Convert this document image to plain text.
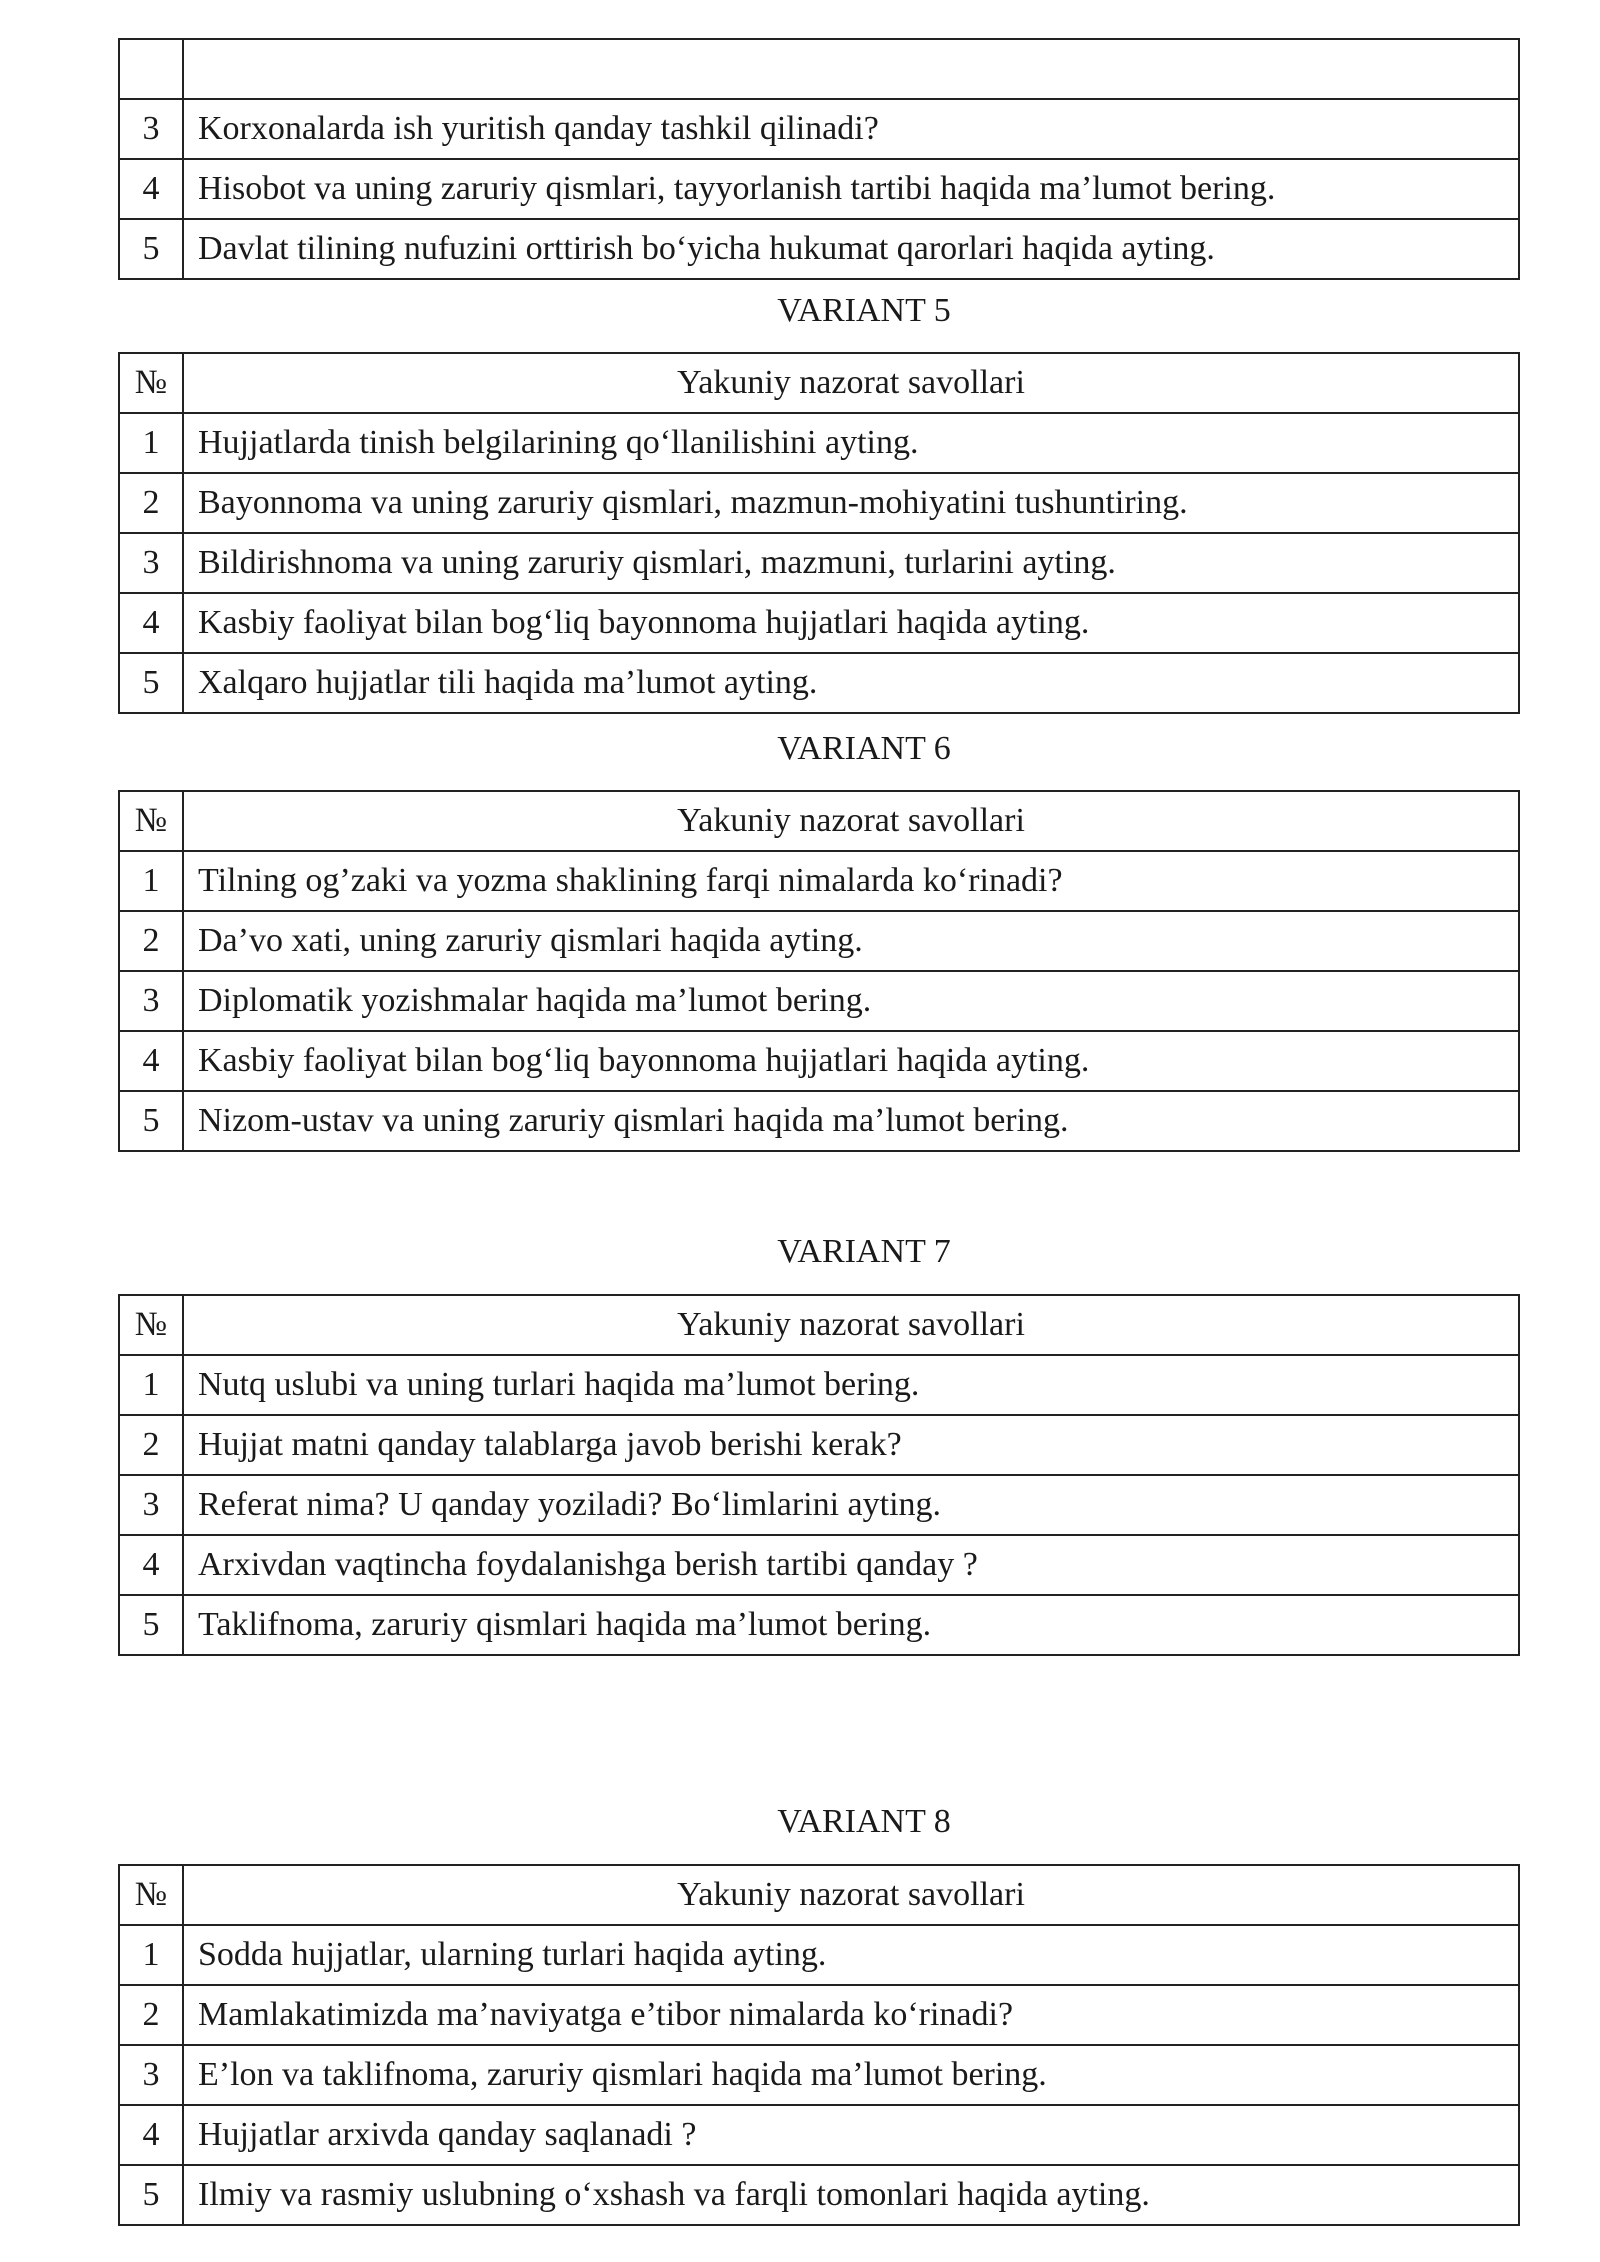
3	Korxonalarda ish yuritish qanday tashkil qilinadi?
4	Hisobot va uning zaruriy qismlari, tayyorlanish tartibi haqida ma’lumot bering.
5	Davlat tilining nufuzini orttirish bo‘yicha hukumat qarorlari haqida ayting.
VARIANT 5
№	Yakuniy nazorat savollari
1	Hujjatlarda tinish belgilarining qo‘llanilishini ayting.
2	Bayonnoma va uning zaruriy qismlari, mazmun-mohiyatini tushuntiring.
3	Bildirishnoma va uning zaruriy qismlari, mazmuni, turlarini ayting.
4	Kasbiy faoliyat bilan bog‘liq bayonnoma hujjatlari haqida ayting.
5	Xalqaro hujjatlar tili haqida ma’lumot ayting.
VARIANT 6
№	Yakuniy nazorat savollari
1	Tilning og’zaki va yozma shaklining farqi nimalarda ko‘rinadi?
2	Da’vo xati, uning zaruriy qismlari haqida ayting.
3	Diplomatik yozishmalar haqida ma’lumot bering.
4	Kasbiy faoliyat bilan bog‘liq bayonnoma hujjatlari haqida ayting.
5	Nizom-ustav va uning zaruriy qismlari haqida ma’lumot bering.
VARIANT 7
№	Yakuniy nazorat savollari
1	Nutq uslubi va uning turlari haqida ma’lumot bering.
2	Hujjat matni qanday talablarga javob berishi kerak?
3	Referat nima? U qanday yoziladi? Bo‘limlarini ayting.
4	Arxivdan vaqtincha foydalanishga berish tartibi qanday ?
5	Taklifnoma, zaruriy qismlari haqida ma’lumot bering.
VARIANT 8
№	Yakuniy nazorat savollari
1	Sodda hujjatlar, ularning turlari haqida ayting.
2	Mamlakatimizda ma’naviyatga e’tibor nimalarda ko‘rinadi?
3	E’lon va taklifnoma, zaruriy qismlari haqida ma’lumot bering.
4	Hujjatlar arxivda qanday saqlanadi ?
5	Ilmiy va rasmiy uslubning o‘xshash va farqli tomonlari haqida ayting.
